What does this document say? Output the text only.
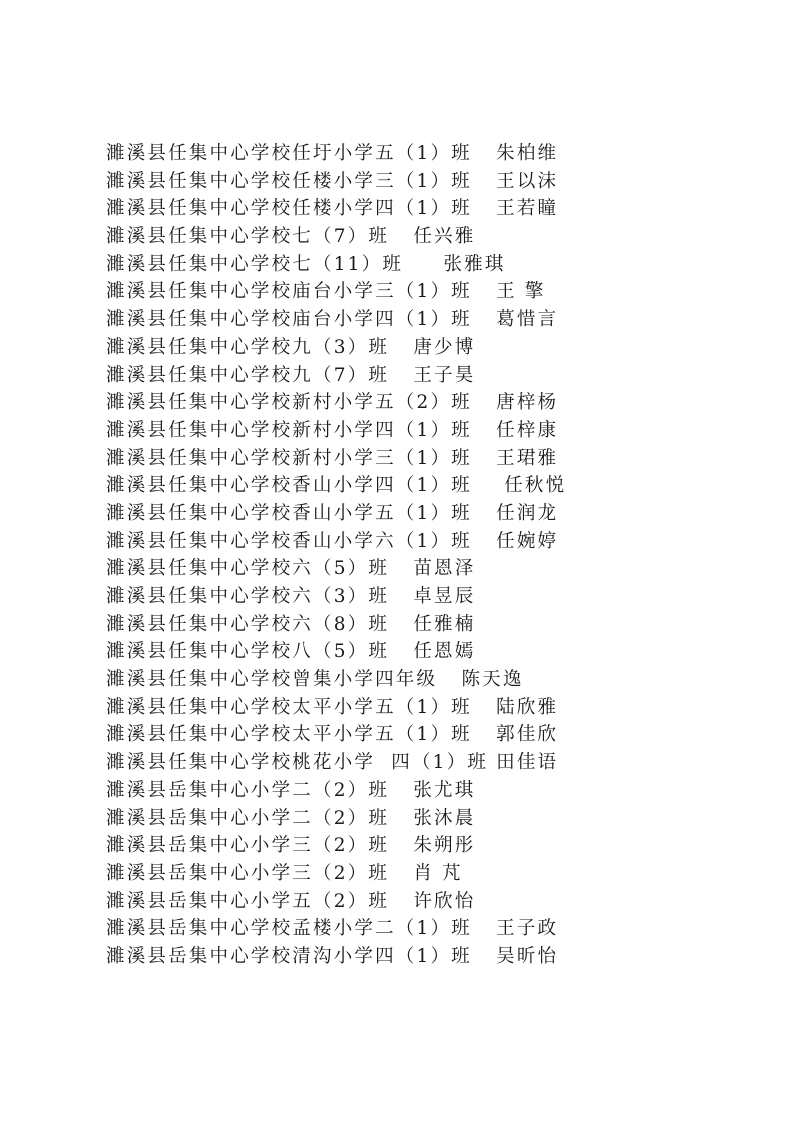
濉溪县任集中心学校任圩小学五（1）班   朱柏维
濉溪县任集中心学校任楼小学三（1）班   王以沫
濉溪县任集中心学校任楼小学四（1）班   王若瞳
濉溪县任集中心学校七（7）班   任兴雅
濉溪县任集中心学校七（11）班     张雅琪
濉溪县任集中心学校庙台小学三（1）班   王 擎
濉溪县任集中心学校庙台小学四（1）班   葛惜言
濉溪县任集中心学校九（3）班   唐少博
濉溪县任集中心学校九（7）班   王子昊
濉溪县任集中心学校新村小学五（2）班   唐梓杨
濉溪县任集中心学校新村小学四（1）班   任梓康
濉溪县任集中心学校新村小学三（1）班   王珺雅
濉溪县任集中心学校香山小学四（1）班    任秋悦
濉溪县任集中心学校香山小学五（1）班   任润龙
濉溪县任集中心学校香山小学六（1）班   任婉婷
濉溪县任集中心学校六（5）班   苗恩泽
濉溪县任集中心学校六（3）班   卓昱辰
濉溪县任集中心学校六（8）班   任雅楠
濉溪县任集中心学校八（5）班   任恩嫣
濉溪县任集中心学校曾集小学四年级   陈天逸
濉溪县任集中心学校太平小学五（1）班   陆欣雅
濉溪县任集中心学校太平小学五（1）班   郭佳欣
濉溪县任集中心学校桃花小学  四（1）班 田佳语
濉溪县岳集中心小学二（2）班   张尤琪
濉溪县岳集中心小学二（2）班   张沐晨
濉溪县岳集中心小学三（2）班   朱朔彤
濉溪县岳集中心小学三（2）班   肖 芃
濉溪县岳集中心小学五（2）班   许欣怡
濉溪县岳集中心学校孟楼小学二（1）班   王子政
濉溪县岳集中心学校清沟小学四（1）班   吴昕怡
